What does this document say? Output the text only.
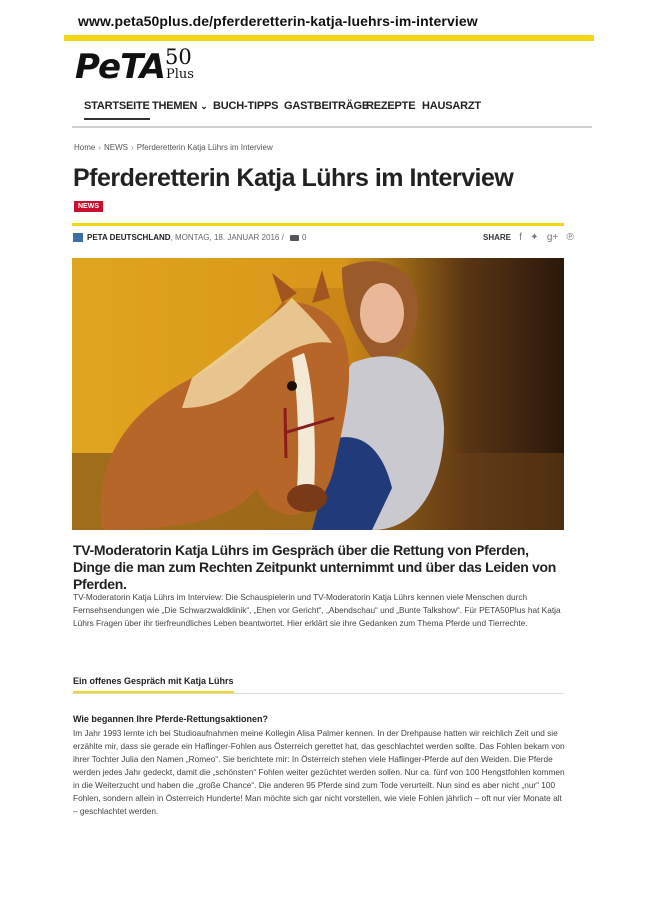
www.peta50plus.de/pferderetterin-katja-luehrs-im-interview
PeTA 50
Plus
STARTSEITE THEMEN ⌄ BUCH-TIPPS GASTBEITRÄGE
REZEPTE HAUSARZT
Home › NEWS › Pferderetterin Katja Lührs im Interview
Pferderetterin Katja Lührs im Interview
NEWS
PETA DEUTSCHLAND, MONTAG, 18. JANUAR 2016 / 0	SHARE f ✦ g+ ℗
TV-Moderatorin Katja Lührs im Gespräch über die Rettung von Pferden, Dinge die man zum Rechten Zeitpunkt unternimmt und über das Leiden von Pferden.
TV-Moderatorin Katja Lührs im Interview: Die Schauspielerin und TV-Moderatorin Katja Lührs kennen viele Menschen durch Fernsehsendungen wie „Die Schwarzwaldklinik“, „Ehen vor Gericht“, „Abendschau“ und „Bunte Talkshow“. Für PETA50Plus hat Katja Lührs Fragen über ihr tierfreundliches Leben beantwortet. Hier erklärt sie ihre Gedanken zum Thema Pferde und Tierrechte.
Ein offenes Gespräch mit Katja Lührs
Wie begannen Ihre Pferde-Rettungsaktionen?
Im Jahr 1993 lernte ich bei Studioaufnahmen meine Kollegin Alisa Palmer kennen. In der Drehpause hatten wir reichlich Zeit und sie erzählte mir, dass sie gerade ein Haflinger-Fohlen aus Österreich gerettet hat, das geschlachtet werden sollte. Das Fohlen bekam von ihrer Tochter Julia den Namen „Romeo“. Sie berichtete mir: In Österreich stehen viele Haflinger-Pferde auf den Weiden. Die Pferde werden jedes Jahr gedeckt, damit die „schönsten“ Fohlen weiter gezüchtet werden sollen. Nur ca. fünf von 100 Hengstfohlen kommen in die Weiterzucht und haben die „große Chance“. Die anderen 95 Pferde sind zum Tode verurteilt. Nun sind es aber nicht „nur“ 100 Fohlen, sondern allein in Österreich Hunderte! Man möchte sich gar nicht vorstellen, wie viele Fohlen jährlich – oft nur vier Monate alt – geschlachtet werden.
